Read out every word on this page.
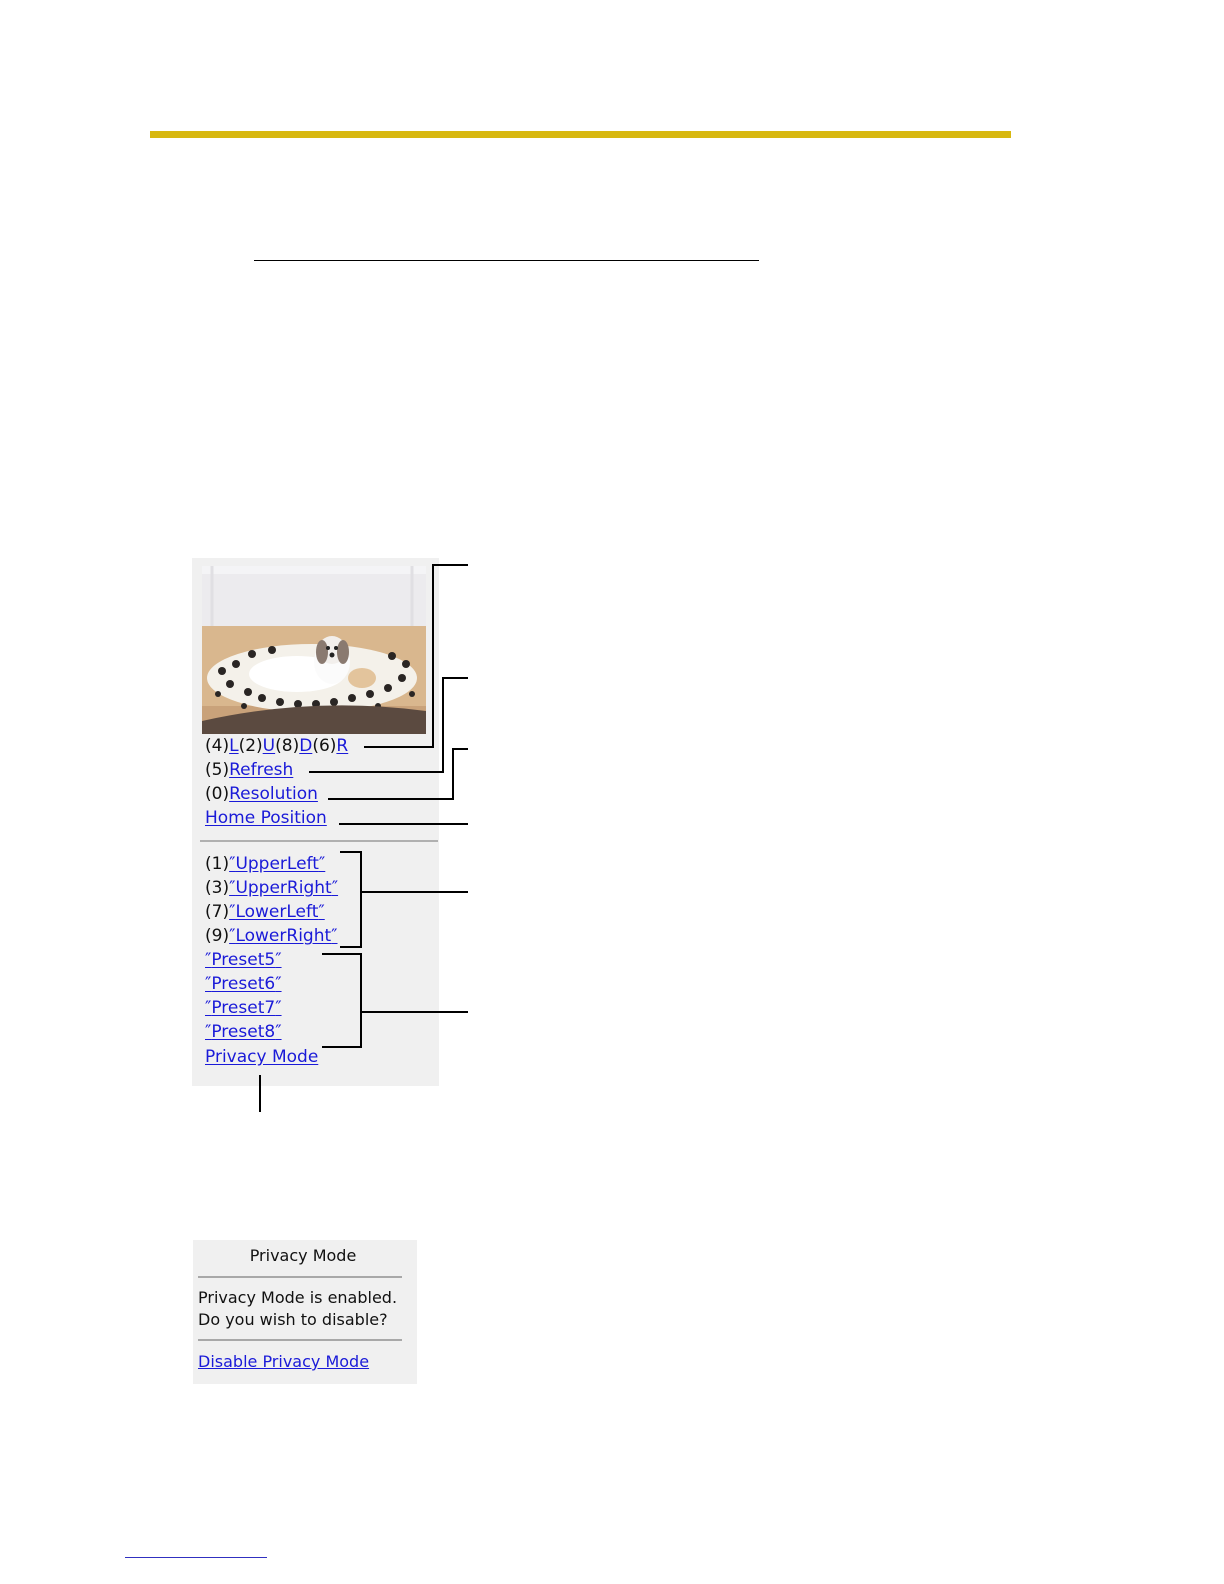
(4)L(2)U(8)D(6)R
(5)Refresh
(0)Resolution
Home Position
(1)″UpperLeft″
(3)″UpperRight″
(7)″LowerLeft″
(9)″LowerRight″
″Preset5″
″Preset6″
″Preset7″
″Preset8″
Privacy Mode
Privacy Mode
Privacy Mode is enabled.
Do you wish to disable?
Disable Privacy Mode
